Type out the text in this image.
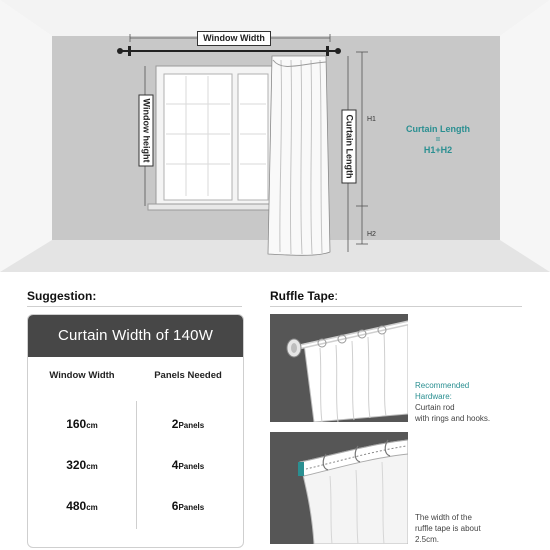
Window Width
Window height	Curtain Length H1
H2
Curtain Length
=
H1+H2
Suggestion:	Ruffle Tape:
Curtain Width of 140W
Window Width	Panels Needed
160cm	2Panels
320cm	4Panels
480cm	6Panels
Recommended
Hardware:
Curtain rod
with rings and hooks.
The width of the
ruffle tape is about
2.5cm.
